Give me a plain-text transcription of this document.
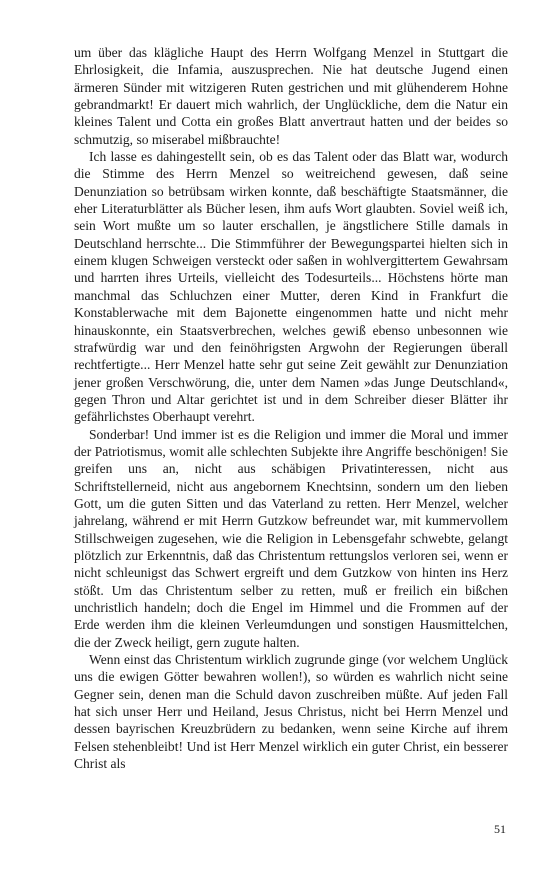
um über das klägliche Haupt des Herrn Wolfgang Menzel in Stuttgart die Ehrlosigkeit, die Infamia, auszusprechen. Nie hat deutsche Jugend einen ärmeren Sünder mit witzigeren Ruten gestrichen und mit glühenderem Hohne gebrandmarkt! Er dauert mich wahrlich, der Unglückliche, dem die Natur ein kleines Talent und Cotta ein großes Blatt anvertraut hatten und der beides so schmutzig, so miserabel mißbrauchte!

Ich lasse es dahingestellt sein, ob es das Talent oder das Blatt war, wodurch die Stimme des Herrn Menzel so weitreichend gewesen, daß seine Denunziation so betrübsam wirken konnte, daß beschäftigte Staatsmänner, die eher Literaturblätter als Bücher lesen, ihm aufs Wort glaubten. Soviel weiß ich, sein Wort mußte um so lauter erschallen, je ängstlichere Stille damals in Deutschland herrschte... Die Stimmführer der Bewegungspartei hielten sich in einem klugen Schweigen versteckt oder saßen in wohlvergittertem Gewahrsam und harrten ihres Urteils, vielleicht des Todesurteils... Höchstens hörte man manchmal das Schluchzen einer Mutter, deren Kind in Frankfurt die Konstablerwache mit dem Bajonette eingenommen hatte und nicht mehr hinauskonnte, ein Staatsverbrechen, welches gewiß ebenso unbesonnen wie strafwürdig war und den feinöhrigsten Argwohn der Regierungen überall rechtfertigte... Herr Menzel hatte sehr gut seine Zeit gewählt zur Denunziation jener großen Verschwörung, die, unter dem Namen »das Junge Deutschland«, gegen Thron und Altar gerichtet ist und in dem Schreiber dieser Blätter ihr gefährlichstes Oberhaupt verehrt.

Sonderbar! Und immer ist es die Religion und immer die Moral und immer der Patriotismus, womit alle schlechten Subjekte ihre Angriffe beschönigen! Sie greifen uns an, nicht aus schäbigen Privatinteressen, nicht aus Schriftstellerneid, nicht aus angebornem Knechtsinn, sondern um den lieben Gott, um die guten Sitten und das Vaterland zu retten. Herr Menzel, welcher jahrelang, während er mit Herrn Gutzkow befreundet war, mit kummervollem Stillschweigen zugesehen, wie die Religion in Lebensgefahr schwebte, gelangt plötzlich zur Erkenntnis, daß das Christentum rettungslos verloren sei, wenn er nicht schleunigst das Schwert ergreift und dem Gutzkow von hinten ins Herz stößt. Um das Christentum selber zu retten, muß er freilich ein bißchen unchristlich handeln; doch die Engel im Himmel und die Frommen auf der Erde werden ihm die kleinen Verleumdungen und sonstigen Hausmittelchen, die der Zweck heiligt, gern zugute halten.

Wenn einst das Christentum wirklich zugrunde ginge (vor welchem Unglück uns die ewigen Götter bewahren wollen!), so würden es wahrlich nicht seine Gegner sein, denen man die Schuld davon zuschreiben müßte. Auf jeden Fall hat sich unser Herr und Heiland, Jesus Christus, nicht bei Herrn Menzel und dessen bayrischen Kreuzbrüdern zu bedanken, wenn seine Kirche auf ihrem Felsen stehenbleibt! Und ist Herr Menzel wirklich ein guter Christ, ein besserer Christ als

51
